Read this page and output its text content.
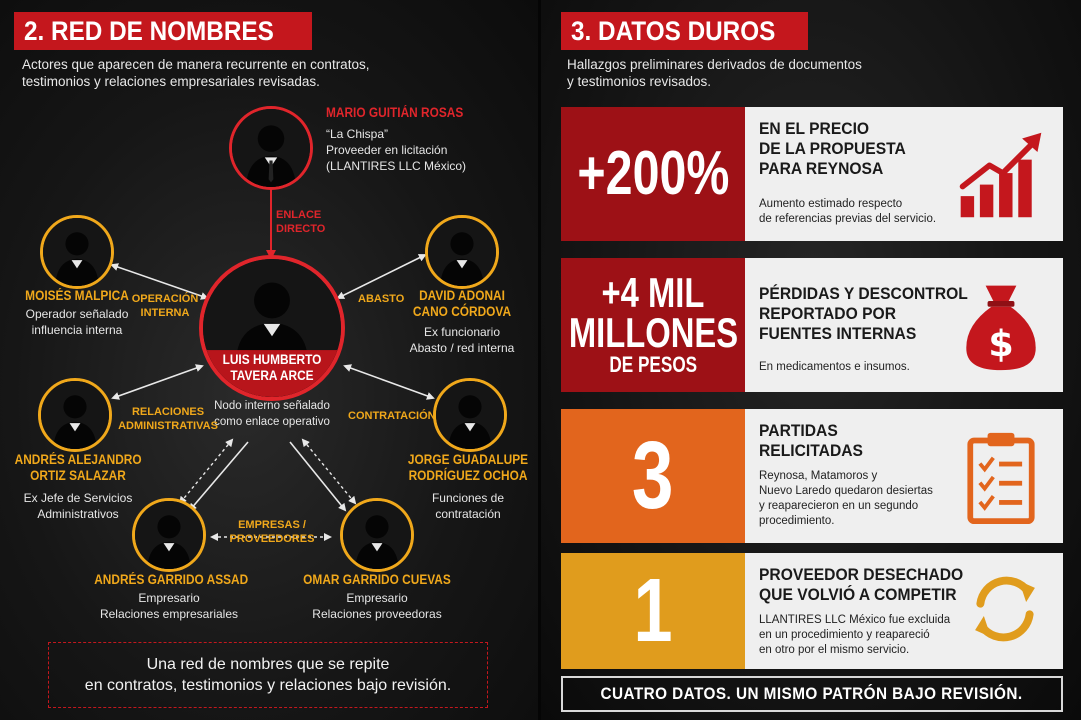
2. RED DE NOMBRES
Actores que aparecen de manera recurrente en contratos,
testimonios y relaciones empresariales revisadas.
MARIO GUITIÁN ROSAS
“La Chispa”
Proveeder en licitación
(LLANTIRES LLC México)
LUIS HUMBERTO
TAVERA ARCE
Nodo interno señalado
como enlace operativo
MOISÉS MALPICA
Operador señalado
influencia interna
DAVID ADONAI
CANO CÓRDOVA
Ex funcionario
Abasto / red interna
ANDRÉS ALEJANDRO
ORTIZ SALAZAR
Ex Jefe de Servicios
Administrativos
JORGE GUADALUPE
RODRÍGUEZ OCHOA
Funciones de
contratación
ANDRÉS GARRIDO ASSAD
Empresario
Relaciones empresariales
OMAR GARRIDO CUEVAS
Empresario
Relaciones proveedoras
ENLACE
DIRECTO
OPERACIÓN
INTERNA
ABASTO
RELACIONES
ADMINISTRATIVAS
CONTRATACIÓN
EMPRESAS /
PROVEEDORES
Una red de nombres que se repite
en contratos, testimonios y relaciones bajo revisión.
3. DATOS DUROS
Hallazgos preliminares derivados de documentos
y testimonios revisados.
+200%
EN EL PRECIO
DE LA PROPUESTA
PARA REYNOSA
Aumento estimado respecto
de referencias previas del servicio.
+4 MIL
MILLONES
DE PESOS
PÉRDIDAS Y DESCONTROL
REPORTADO POR
FUENTES INTERNAS
En medicamentos e insumos.
$
3	PARTIDAS
RELICITADAS
Reynosa, Matamoros y
Nuevo Laredo quedaron desiertas
y reaparecieron en un segundo
procedimiento.
1	PROVEEDOR DESECHADO
QUE VOLVIÓ A COMPETIR
LLANTIRES LLC México fue excluida
en un procedimiento y reapareció
en otro por el mismo servicio.
CUATRO DATOS. UN MISMO PATRÓN BAJO REVISIÓN.
